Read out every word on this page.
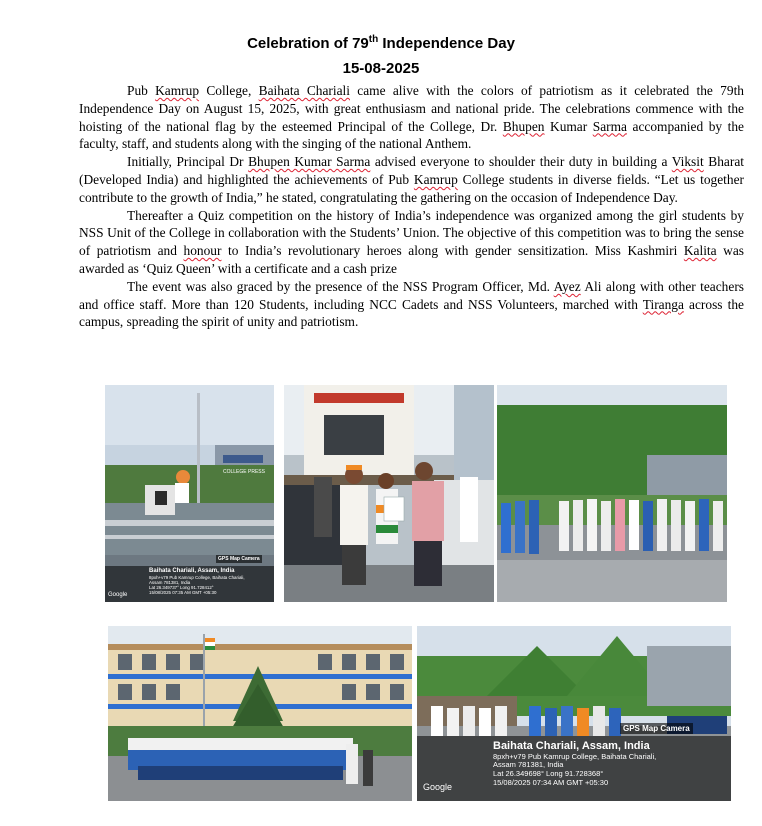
Celebration of 79th Independence Day
15-08-2025

Pub Kamrup College, Baihata Chariali came alive with the colors of patriotism as it celebrated the 79th Independence Day on August 15, 2025, with great enthusiasm and national pride. The celebrations commence with the hoisting of the national flag by the esteemed Principal of the College, Dr. Bhupen Kumar Sarma accompanied by the faculty, staff, and students along with the singing of the national Anthem.

Initially, Principal Dr Bhupen Kumar Sarma advised everyone to shoulder their duty in building a Viksit Bharat (Developed India) and highlighted the achievements of Pub Kamrup College students in diverse fields. “Let us together contribute to the growth of India,” he stated, congratulating the gathering on the occasion of Independence Day.

Thereafter a Quiz competition on the history of India’s independence was organized among the girl students by NSS Unit of the College in collaboration with the Students’ Union. The objective of this competition was to bring the sense of patriotism and honour to India’s revolutionary heroes along with gender sensitization. Miss Kashmiri Kalita was awarded as ‘Quiz Queen’ with a certificate and a cash prize

The event was also graced by the presence of the NSS Program Officer, Md. Ayez Ali along with other teachers and office staff. More than 120 Students, including NCC Cadets and NSS Volunteers, marched with Tiranga across the campus, spreading the spirit of unity and patriotism.

COLLEGE PRESS
GPS Map Camera
Baihata Chariali, Assam, India
8pxh+v79 Pub Kamrup College, Baihata Chariali,
Assam 781381, India
Lat 26.349737° Long 91.728412°
15/08/2025 07:35 AM GMT +05:30
Google
GPS Map Camera
Baihata Chariali, Assam, India
8pxh+v79 Pub Kamrup College, Baihata Chariali,
Assam 781381, India
Lat 26.349698° Long 91.728368°
15/08/2025 07:34 AM GMT +05:30
Google
